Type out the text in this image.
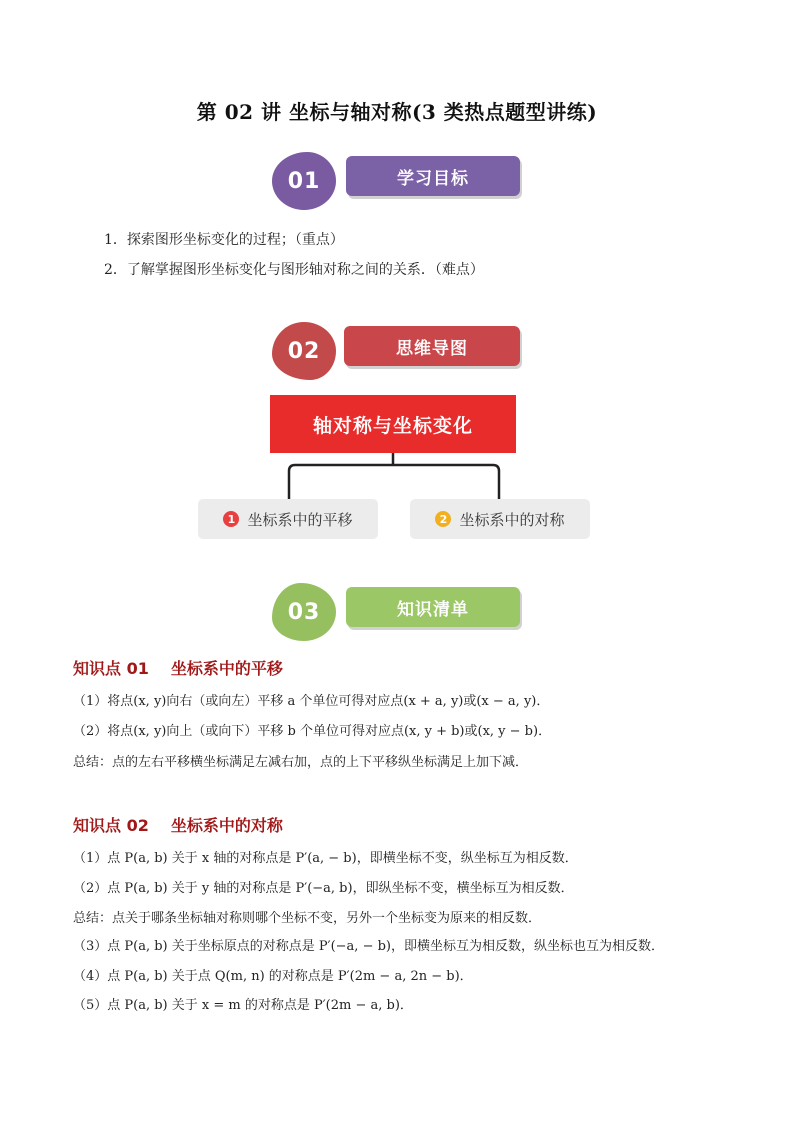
第 02 讲 坐标与轴对称(3 类热点题型讲练)
01	学习目标
1．探索图形坐标变化的过程；（重点）
2．了解掌握图形坐标变化与图形轴对称之间的关系．（难点）
02	思维导图
轴对称与坐标变化
1 坐标系中的平移	2 坐标系中的对称
03	知识清单
知识点 01 坐标系中的平移
（1）将点(x, y)向右（或向左）平移 a 个单位可得对应点(x + a, y)或(x − a, y)．
（2）将点(x, y)向上（或向下）平移 b 个单位可得对应点(x, y + b)或(x, y − b)．
总结：点的左右平移横坐标满足左减右加，点的上下平移纵坐标满足上加下减．
知识点 02 坐标系中的对称
（1）点 P(a, b) 关于 x 轴的对称点是 P′(a, − b)，即横坐标不变，纵坐标互为相反数．
（2）点 P(a, b) 关于 y 轴的对称点是 P′(−a, b)，即纵坐标不变，横坐标互为相反数．
总结：点关于哪条坐标轴对称则哪个坐标不变，另外一个坐标变为原来的相反数．
（3）点 P(a, b) 关于坐标原点的对称点是 P′(−a, − b)，即横坐标互为相反数，纵坐标也互为相反数．
（4）点 P(a, b) 关于点 Q(m, n) 的对称点是 P′(2m − a, 2n − b)．
（5）点 P(a, b) 关于 x = m 的对称点是 P′(2m − a, b)．
